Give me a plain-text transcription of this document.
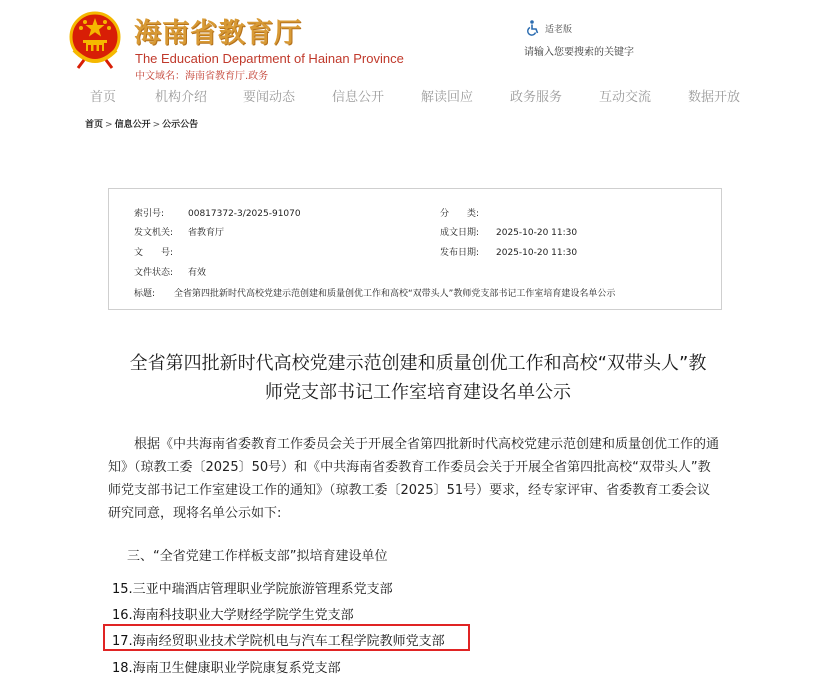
海南省教育厅
The Education Department of Hainan Province
中文域名：海南省教育厅.政务
适老版
请输入您要搜索的关键字
首页	机构介绍	要闻动态	信息公开	解读回应	政务服务	互动交流	数据开放
首页 > 信息公开 > 公示公告
索引号:	00817372-3/2025-91070	分　　类:
发文机关: 省教育厅	成文日期: 2025-10-20 11:30
文　　号:	发布日期: 2025-10-20 11:30
文件状态: 有效
标题: 全省第四批新时代高校党建示范创建和质量创优工作和高校“双带头人”教师党支部书记工作室培育建设名单公示
全省第四批新时代高校党建示范创建和质量创优工作和高校“双带头人”教
师党支部书记工作室培育建设名单公示
根据《中共海南省委教育工作委员会关于开展全省第四批新时代高校党建示范创建和质量创优工作的通知》（琼教工委〔2025〕50号）和《中共海南省委教育工作委员会关于开展全省第四批高校“双带头人”教师党支部书记工作室建设工作的通知》（琼教工委〔2025〕51号）要求，经专家评审、省委教育工委会议研究同意，现将名单公示如下:
三、“全省党建工作样板支部”拟培育建设单位
15.三亚中瑞酒店管理职业学院旅游管理系党支部
16.海南科技职业大学财经学院学生党支部
17.海南经贸职业技术学院机电与汽车工程学院教师党支部
18.海南卫生健康职业学院康复系党支部
